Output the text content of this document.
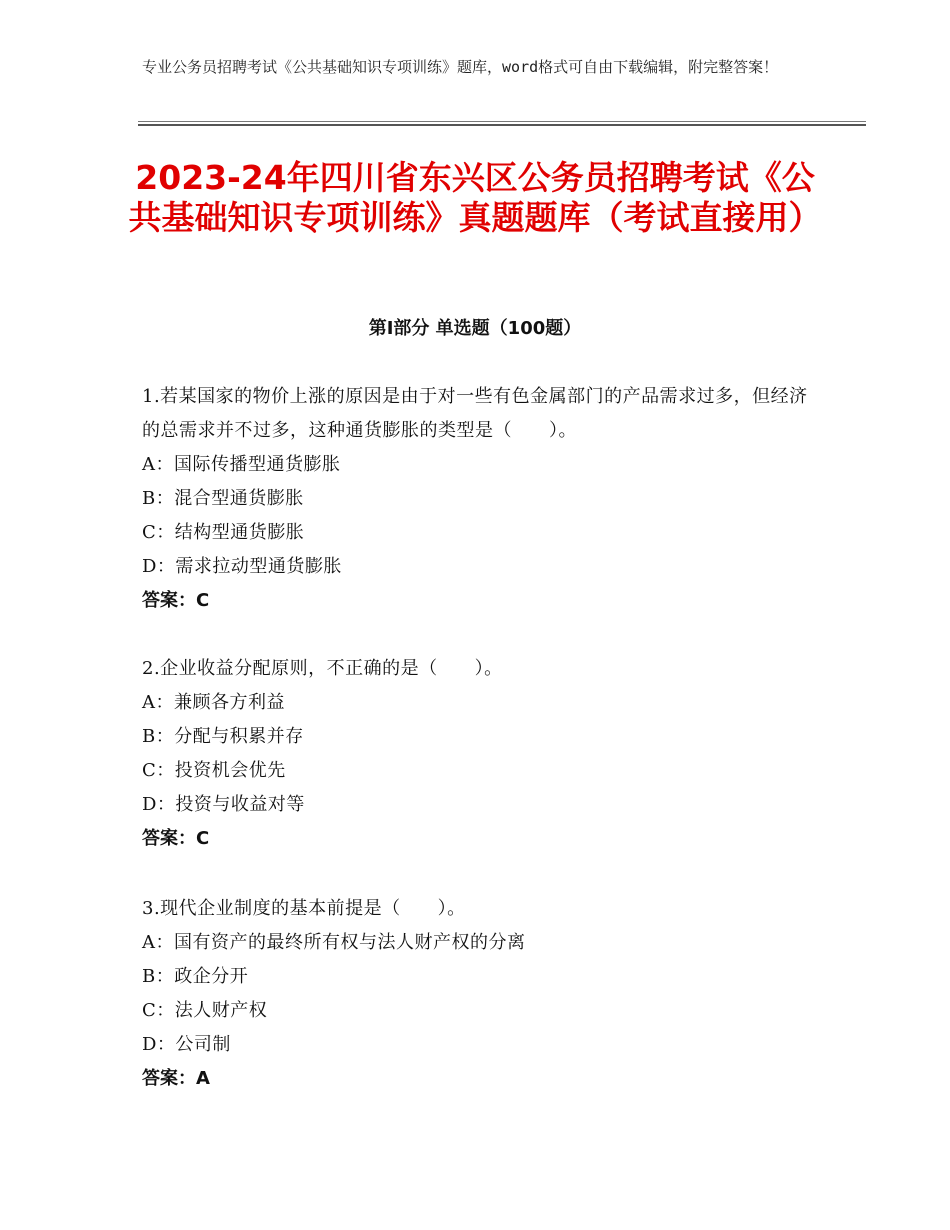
专业公务员招聘考试《公共基础知识专项训练》题库，word格式可自由下载编辑，附完整答案！
2023-24年四川省东兴区公务员招聘考试《公共基础知识专项训练》真题题库（考试直接用）
第Ⅰ部分 单选题（100题）
1.若某国家的物价上涨的原因是由于对一些有色金属部门的产品需求过多，但经济的总需求并不过多，这种通货膨胀的类型是（　　）。
A：国际传播型通货膨胀
B：混合型通货膨胀
C：结构型通货膨胀
D：需求拉动型通货膨胀
答案：C
2.企业收益分配原则，不正确的是（　　）。
A：兼顾各方利益
B：分配与积累并存
C：投资机会优先
D：投资与收益对等
答案：C
3.现代企业制度的基本前提是（　　）。
A：国有资产的最终所有权与法人财产权的分离
B：政企分开
C：法人财产权
D：公司制
答案：A
